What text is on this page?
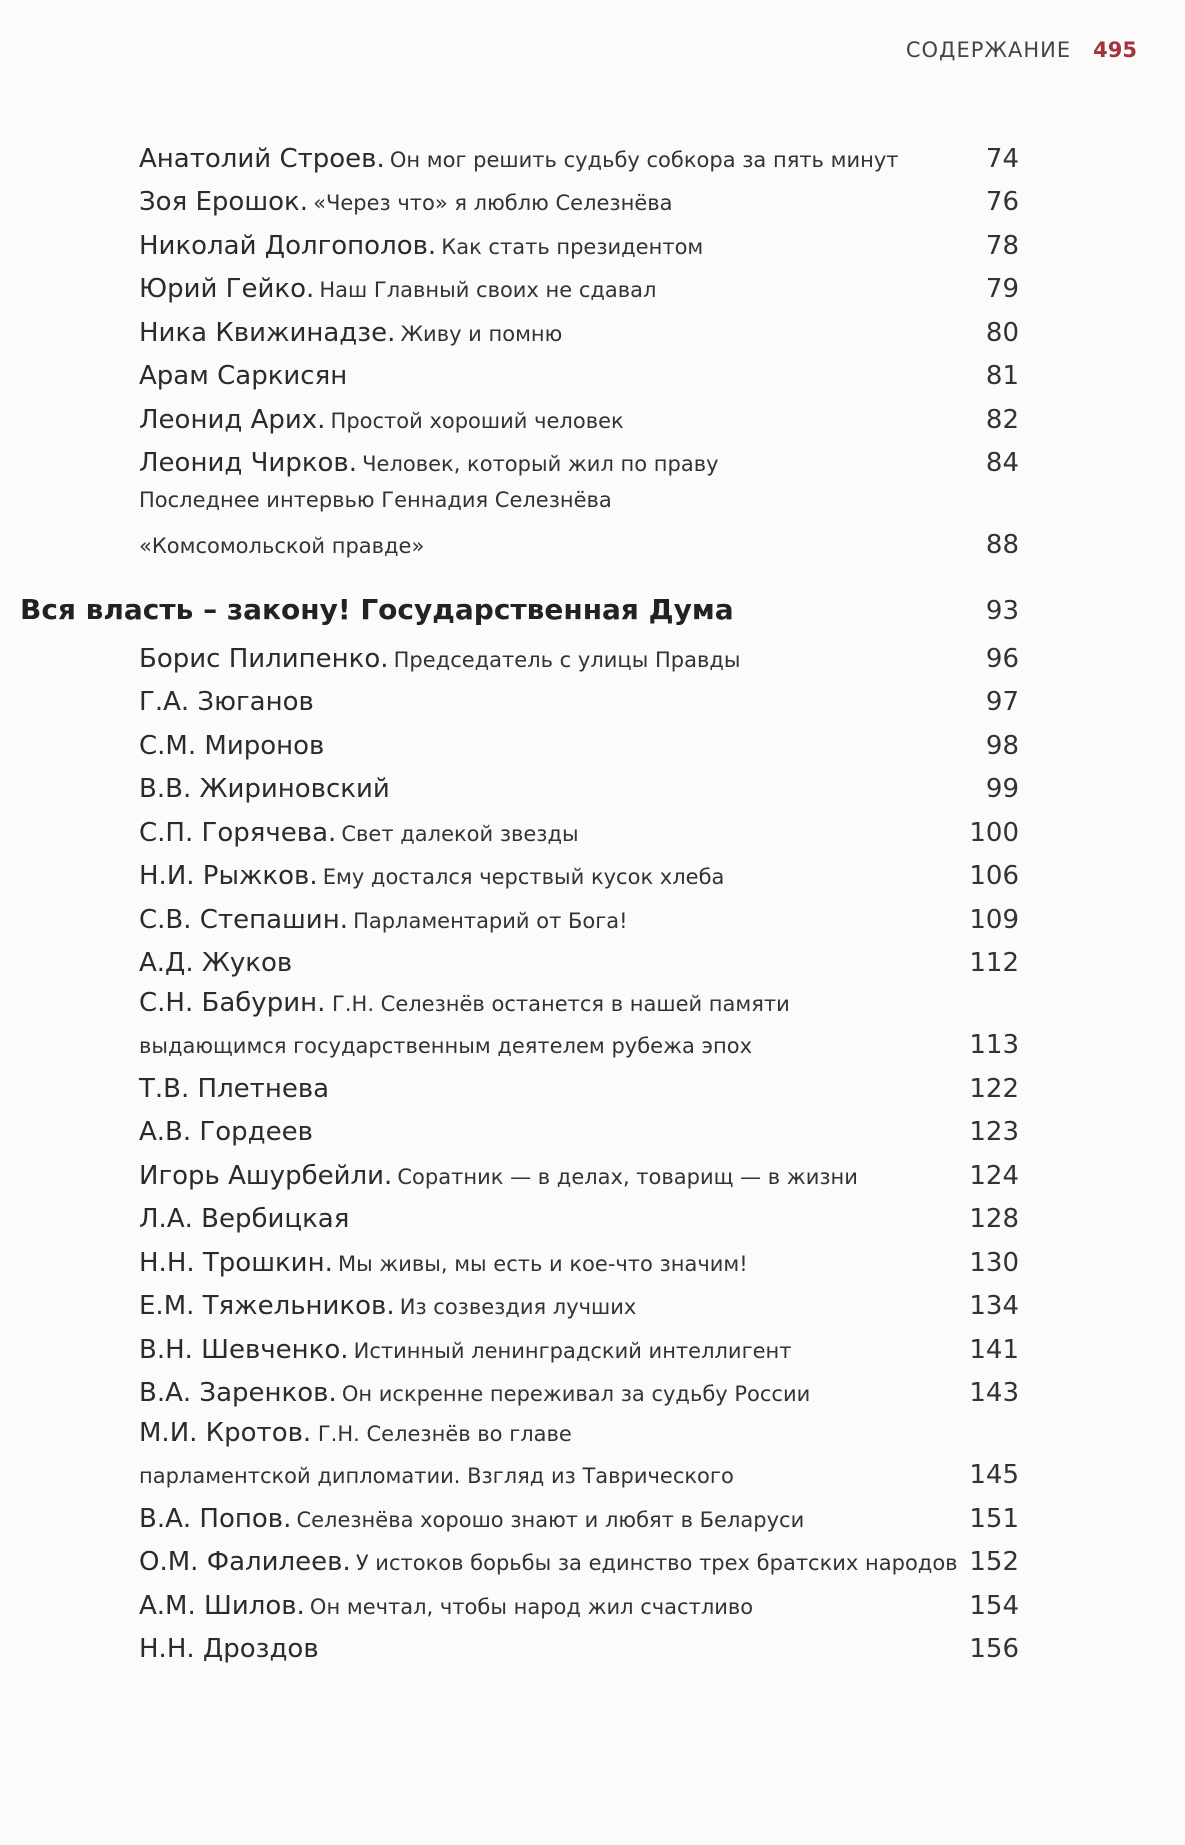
СОДЕРЖАНИЕ 495
Анатолий Строев. Он мог решить судьбу собкора за пять минут	74
Зоя Ерошок. «Через что» я люблю Селезнёва	76
Николай Долгополов. Как стать президентом	78
Юрий Гейко. Наш Главный своих не сдавал	79
Ника Квижинадзе. Живу и помню	80
Арам Саркисян	81
Леонид Арих. Простой хороший человек	82
Леонид Чирков. Человек, который жил по праву	84
Последнее интервью Геннадия Селезнёва
«Комсомольской правде»	88
Вся власть – закону! Государственная Дума	93
Борис Пилипенко. Председатель с улицы Правды	96
Г.А. Зюганов	97
С.М. Миронов	98
В.В. Жириновский	99
С.П. Горячева. Свет далекой звезды	100
Н.И. Рыжков. Ему достался черствый кусок хлеба	106
С.В. Степашин. Парламентарий от Бога!	109
А.Д. Жуков	112
С.Н. Бабурин. Г.Н. Селезнёв останется в нашей памяти
выдающимся государственным деятелем рубежа эпох	113
Т.В. Плетнева	122
А.В. Гордеев	123
Игорь Ашурбейли. Соратник — в делах, товарищ — в жизни	124
Л.А. Вербицкая	128
Н.Н. Трошкин. Мы живы, мы есть и кое-что значим!	130
Е.М. Тяжельников. Из созвездия лучших	134
В.Н. Шевченко. Истинный ленинградский интеллигент	141
В.А. Заренков. Он искренне переживал за судьбу России	143
М.И. Кротов. Г.Н. Селезнёв во главе
парламентской дипломатии. Взгляд из Таврического	145
В.А. Попов. Селезнёва хорошо знают и любят в Беларуси	151
О.М. Фалилеев. У истоков борьбы за единство трех братских народов 152
А.М. Шилов. Он мечтал, чтобы народ жил счастливо	154
Н.Н. Дроздов	156
